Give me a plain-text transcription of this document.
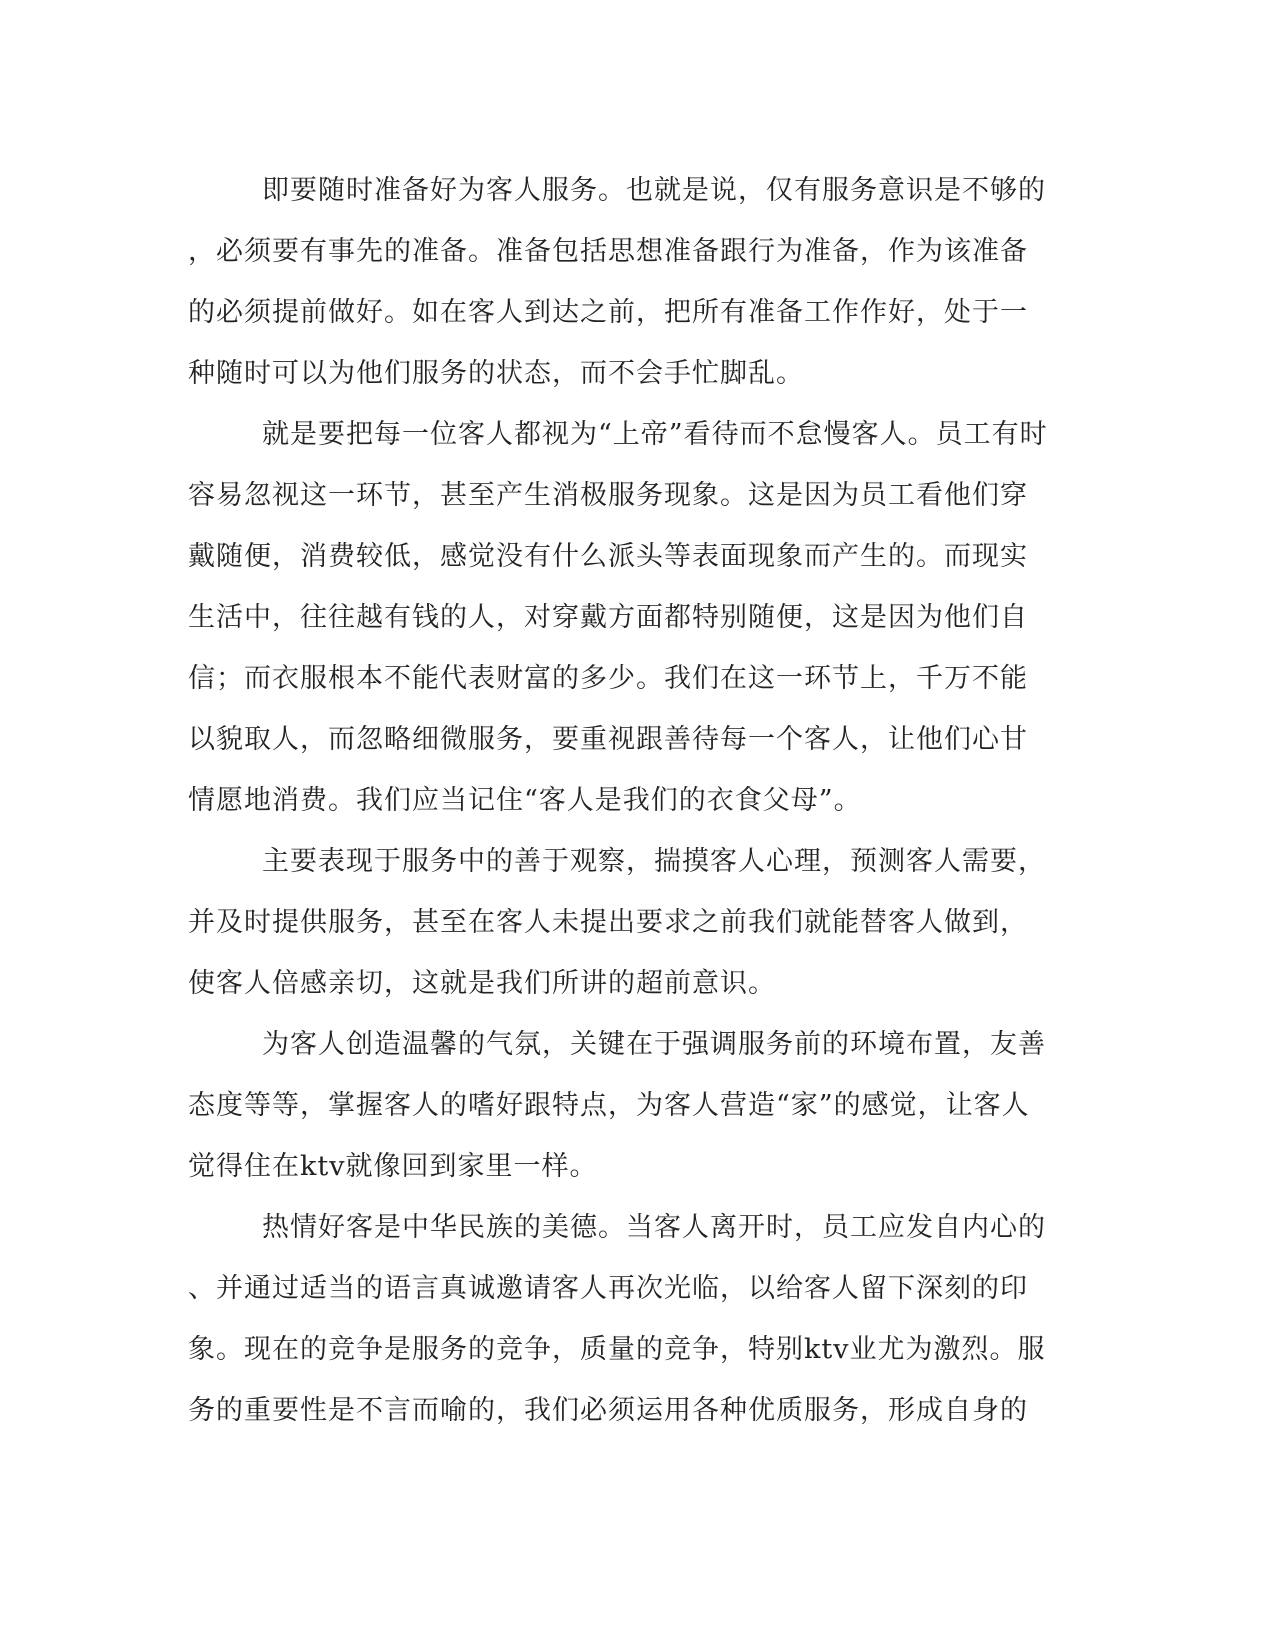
即要随时准备好为客人服务。也就是说，仅有服务意识是不够的
，必须要有事先的准备。准备包括思想准备跟行为准备，作为该准备
的必须提前做好。如在客人到达之前，把所有准备工作作好，处于一
种随时可以为他们服务的状态，而不会手忙脚乱。
就是要把每一位客人都视为“上帝”看待而不怠慢客人。员工有时
容易忽视这一环节，甚至产生消极服务现象。这是因为员工看他们穿
戴随便，消费较低，感觉没有什么派头等表面现象而产生的。而现实
生活中，往往越有钱的人，对穿戴方面都特别随便，这是因为他们自
信；而衣服根本不能代表财富的多少。我们在这一环节上，千万不能
以貌取人，而忽略细微服务，要重视跟善待每一个客人，让他们心甘
情愿地消费。我们应当记住“客人是我们的衣食父母”。
主要表现于服务中的善于观察，揣摸客人心理，预测客人需要，
并及时提供服务，甚至在客人未提出要求之前我们就能替客人做到，
使客人倍感亲切，这就是我们所讲的超前意识。
为客人创造温馨的气氛，关键在于强调服务前的环境布置，友善
态度等等，掌握客人的嗜好跟特点，为客人营造“家”的感觉，让客人
觉得住在ktv就像回到家里一样。
热情好客是中华民族的美德。当客人离开时，员工应发自内心的
、并通过适当的语言真诚邀请客人再次光临，以给客人留下深刻的印
象。现在的竞争是服务的竞争，质量的竞争，特别ktv业尤为激烈。服
务的重要性是不言而喻的，我们必须运用各种优质服务，形成自身的
